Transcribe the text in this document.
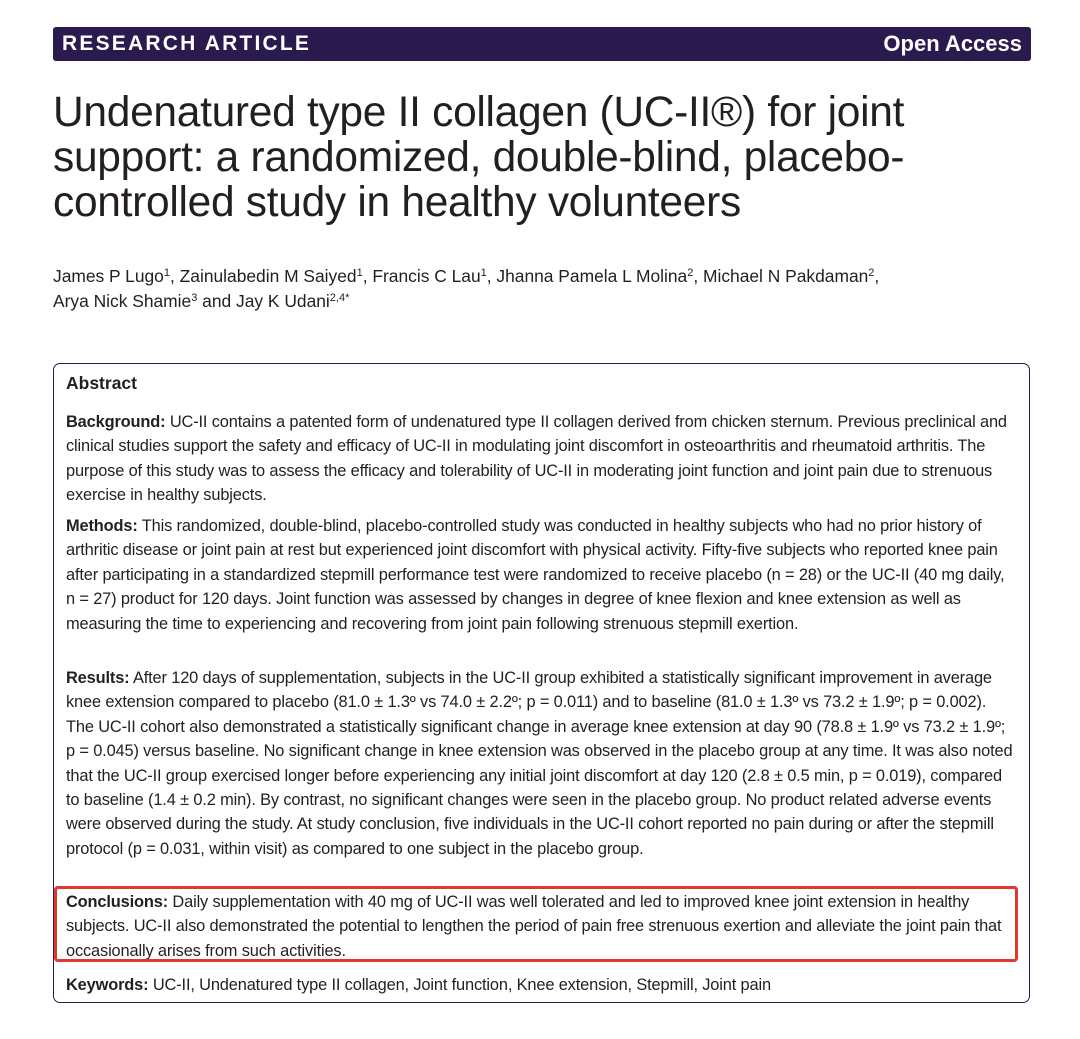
RESEARCH ARTICLE	Open Access
Undenatured type II collagen (UC-II®) for joint support: a randomized, double-blind, placebo-controlled study in healthy volunteers

James P Lugo$^1$, Zainulabedin M Saiyed$^1$, Francis C Lau$^1$, Jhanna Pamela L Molina$^2$, Michael N Pakdaman$^2$,
Arya Nick Shamie$^3$ and Jay K Udani$^{2,4*}$

Abstract

Background: UC-II contains a patented form of undenatured type II collagen derived from chicken sternum. Previous preclinical and clinical studies support the safety and efficacy of UC-II in modulating joint discomfort in osteoarthritis and rheumatoid arthritis. The purpose of this study was to assess the efficacy and tolerability of UC-II in moderating joint function and joint pain due to strenuous exercise in healthy subjects.

Methods: This randomized, double-blind, placebo-controlled study was conducted in healthy subjects who had no prior history of arthritic disease or joint pain at rest but experienced joint discomfort with physical activity. Fifty-five subjects who reported knee pain after participating in a standardized stepmill performance test were randomized to receive placebo (n = 28) or the UC-II (40 mg daily, n = 27) product for 120 days. Joint function was assessed by changes in degree of knee flexion and knee extension as well as measuring the time to experiencing and recovering from joint pain following strenuous stepmill exertion.

Results: After 120 days of supplementation, subjects in the UC-II group exhibited a statistically significant improvement in average knee extension compared to placebo (81.0 ± 1.3º vs 74.0 ± 2.2º; p = 0.011) and to baseline (81.0 ± 1.3º vs 73.2 ± 1.9º; p = 0.002). The UC-II cohort also demonstrated a statistically significant change in average knee extension at day 90 (78.8 ± 1.9º vs 73.2 ± 1.9º; p = 0.045) versus baseline. No significant change in knee extension was observed in the placebo group at any time. It was also noted that the UC-II group exercised longer before experiencing any initial joint discomfort at day 120 (2.8 ± 0.5 min, p = 0.019), compared to baseline (1.4 ± 0.2 min). By contrast, no significant changes were seen in the placebo group. No product related adverse events were observed during the study. At study conclusion, five individuals in the UC-II cohort reported no pain during or after the stepmill protocol (p = 0.031, within visit) as compared to one subject in the placebo group.

Conclusions: Daily supplementation with 40 mg of UC-II was well tolerated and led to improved knee joint extension in healthy subjects. UC-II also demonstrated the potential to lengthen the period of pain free strenuous exertion and alleviate the joint pain that occasionally arises from such activities.

Keywords: UC-II, Undenatured type II collagen, Joint function, Knee extension, Stepmill, Joint pain
